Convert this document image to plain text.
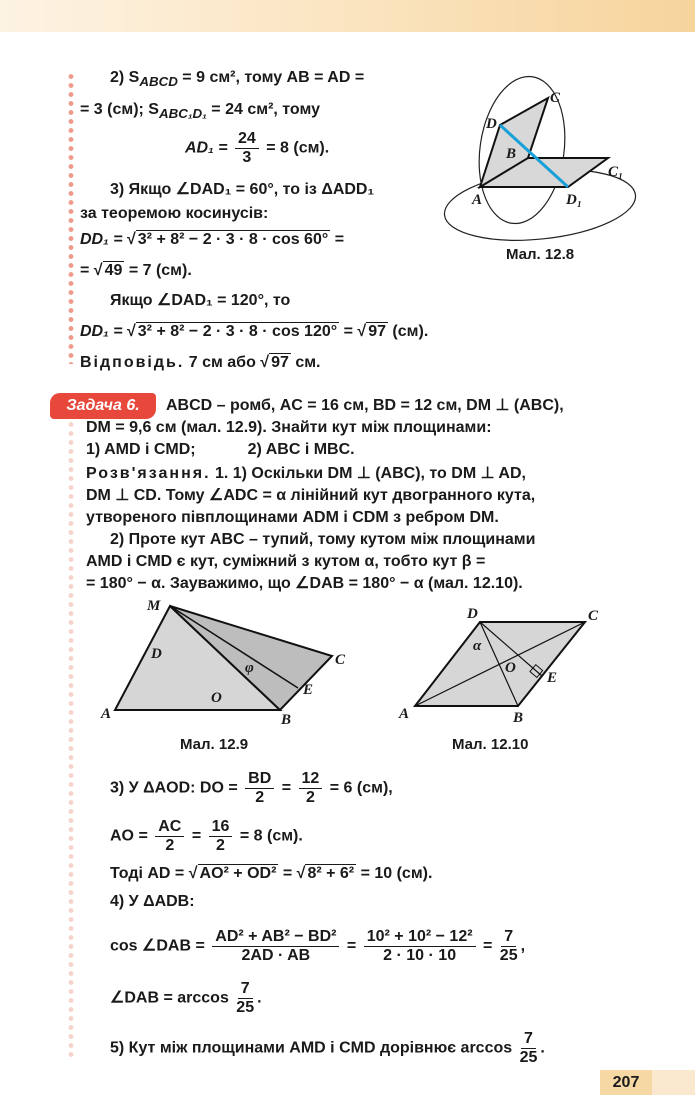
2) $S_{ABCD} = 9$ см², тому AB = AD =
= 3 (см); $S_{ABC_1D_1} = 24$ см², тому
$AD_1 = \frac{24}{3} = 8$ (см).
3) Якщо ∠DAD₁ = 60°, то із ΔADD₁
за теоремою косинусів:
DD₁ = √ 3² + 8² − 2 · 3 · 8 · cos 60° =
= √ 49 = 7 (см).
Якщо ∠DAD₁ = 120°, то
DD₁ = √ 3² + 8² − 2 · 3 · 8 · cos 120° = √ 97 (см).
Відповідь. 7 см або √ 97 см.
C
D
B
C₁
A	D₁
Мал. 12.8
Задача 6.	ABCD – ромб, AC = 16 см, BD = 12 см, DM ⊥ (ABC),
DM = 9,6 см (мал. 12.9). Знайти кут між площинами:
1) AMD і CMD;	2) ABC і MBC.
Розв'язання. 1. 1) Оскільки DM ⊥ (ABC), то DM ⊥ AD,
DM ⊥ CD. Тому ∠ADC = α лінійний кут двогранного кута,
утвореного півплощинами ADM і CDM з ребром DM.
2) Проте кут ABC – тупий, тому кутом між площинами
AMD і CMD є кут, суміжний з кутом α, тобто кут β =
= 180° − α. Зауважимо, що ∠DAB = 180° − α (мал. 12.10).
M
D
φ	C
E
O
A	B
Мал. 12.9
D	C
α
O
E
A	B
Мал. 12.10
3) У ΔAOD: DO = $\frac{BD}{2} = \frac{12}{2} = 6$ (см),
AO = $\frac{AC}{2} = \frac{16}{2} = 8$ (см).
Тоді AD = √ AO² + OD² = √ 8² + 6² = 10 (см).
4) У ΔADB:
cos ∠DAB = $\frac{\text{AD² + AB² − BD²}}{2AD \cdot AB} = \frac{\text{10² + 10² − 12²}}{2 \cdot 10 \cdot 10} = \frac{7}{25}$ ,
∠DAB = $\arccos \frac{7}{25}$ .
5) Кут між площинами AMD і CMD дорівнює $\arccos \frac{7}{25}$ .
207
